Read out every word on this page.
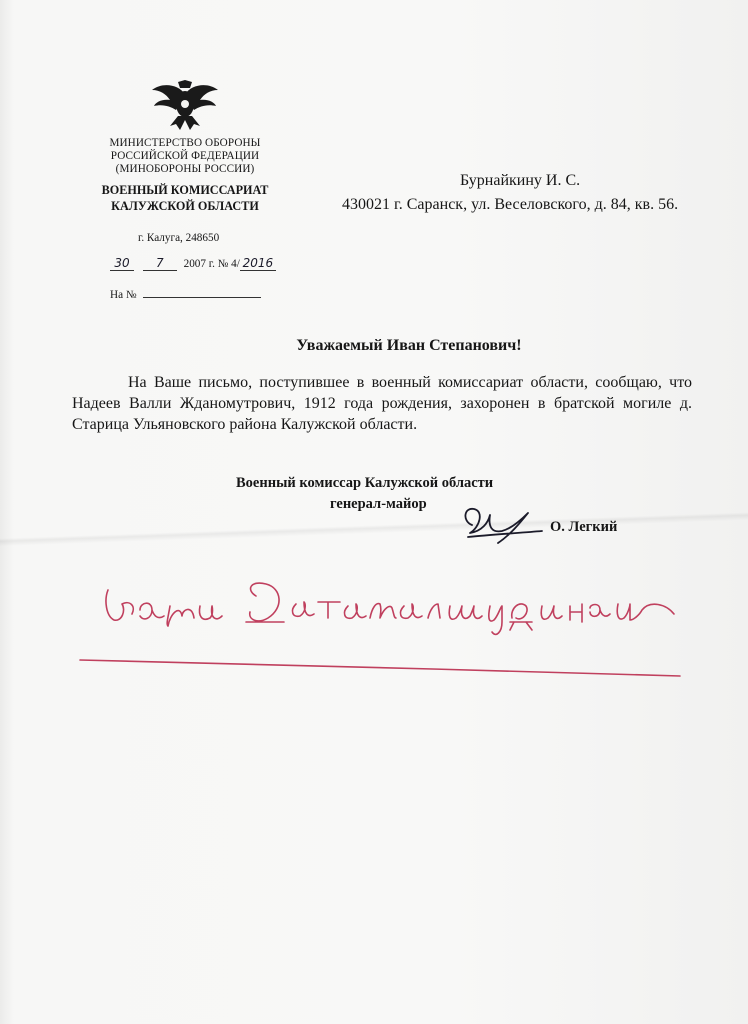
МИНИСТЕРСТВО ОБОРОНЫ
РОССИЙСКОЙ ФЕДЕРАЦИИ
(МИНОБОРОНЫ РОССИИ)
ВОЕННЫЙ КОМИССАРИАТ
КАЛУЖСКОЙ ОБЛАСТИ
г. Калуга, 248650
30 7 2007 г. № 4/ 2016
На №
Бурнайкину И. С.
430021 г. Саранск, ул. Веселовского, д. 84, кв. 56.
Уважаемый Иван Степанович!
На Ваше письмо, поступившее в военный комиссариат области, сообщаю, что Надеев Валли Жданомутрович, 1912 года рождения, захоронен в братской могиле д. Старица Ульяновского района Калужской области.
Военный комиссар Калужской области
генерал-майор
О. Легкий
